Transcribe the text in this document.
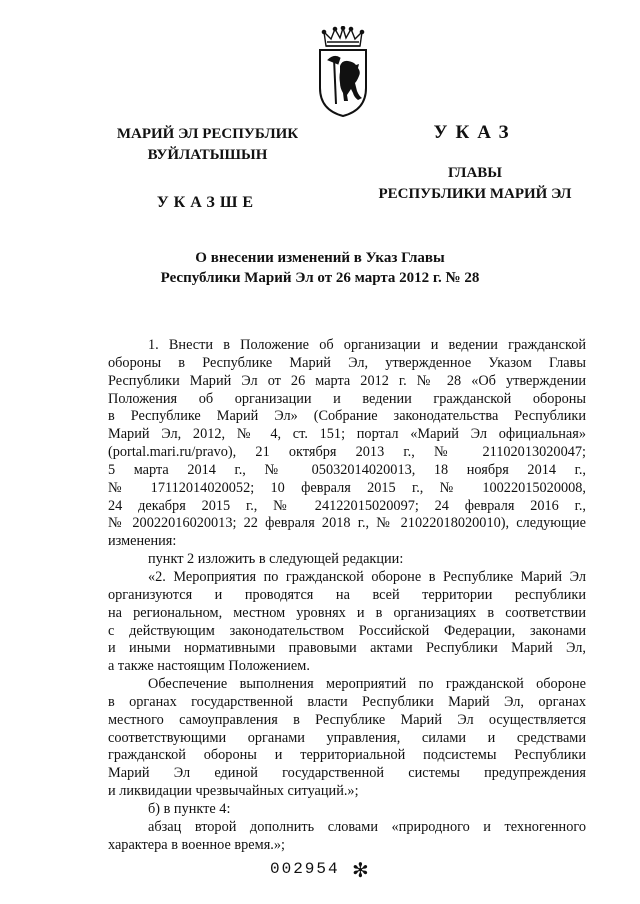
МАРИЙ ЭЛ РЕСПУБЛИК
ВУЙЛАТЫШЫН
УКАЗШЕ
УКАЗ
ГЛАВЫ
РЕСПУБЛИКИ МАРИЙ ЭЛ
О внесении изменений в Указ Главы
Республики Марий Эл от 26 марта 2012 г. № 28

1. Внести в Положение об организации и ведении гражданской

обороны в Республике Марий Эл, утвержденное Указом Главы

Республики Марий Эл от 26 марта 2012 г. № 28 «Об утверждении

Положения об организации и ведении гражданской обороны

в Республике Марий Эл» (Собрание законодательства Республики

Марий Эл, 2012, № 4, ст. 151; портал «Марий Эл официальная»

(portal.mari.ru/pravo), 21 октября 2013 г., № 21102013020047;

5 марта 2014 г., № 05032014020013, 18 ноября 2014 г.,

№ 17112014020052; 10 февраля 2015 г., № 10022015020008,

24 декабря 2015 г., № 24122015020097; 24 февраля 2016 г.,

№ 20022016020013; 22 февраля 2018 г., № 21022018020010), следующие

изменения:

пункт 2 изложить в следующей редакции:

«2. Мероприятия по гражданской обороне в Республике Марий Эл

организуются и проводятся на всей территории республики

на региональном, местном уровнях и в организациях в соответствии

с действующим законодательством Российской Федерации, законами

и иными нормативными правовыми актами Республики Марий Эл,

а также настоящим Положением.

Обеспечение выполнения мероприятий по гражданской обороне

в органах государственной власти Республики Марий Эл, органах

местного самоуправления в Республике Марий Эл осуществляется

соответствующими органами управления, силами и средствами

гражданской обороны и территориальной подсистемы Республики

Марий Эл единой государственной системы предупреждения

и ликвидации чрезвычайных ситуаций.»;

б) в пункте 4:

абзац второй дополнить словами «природного и техногенного

характера в военное время.»;

002954 ✻
